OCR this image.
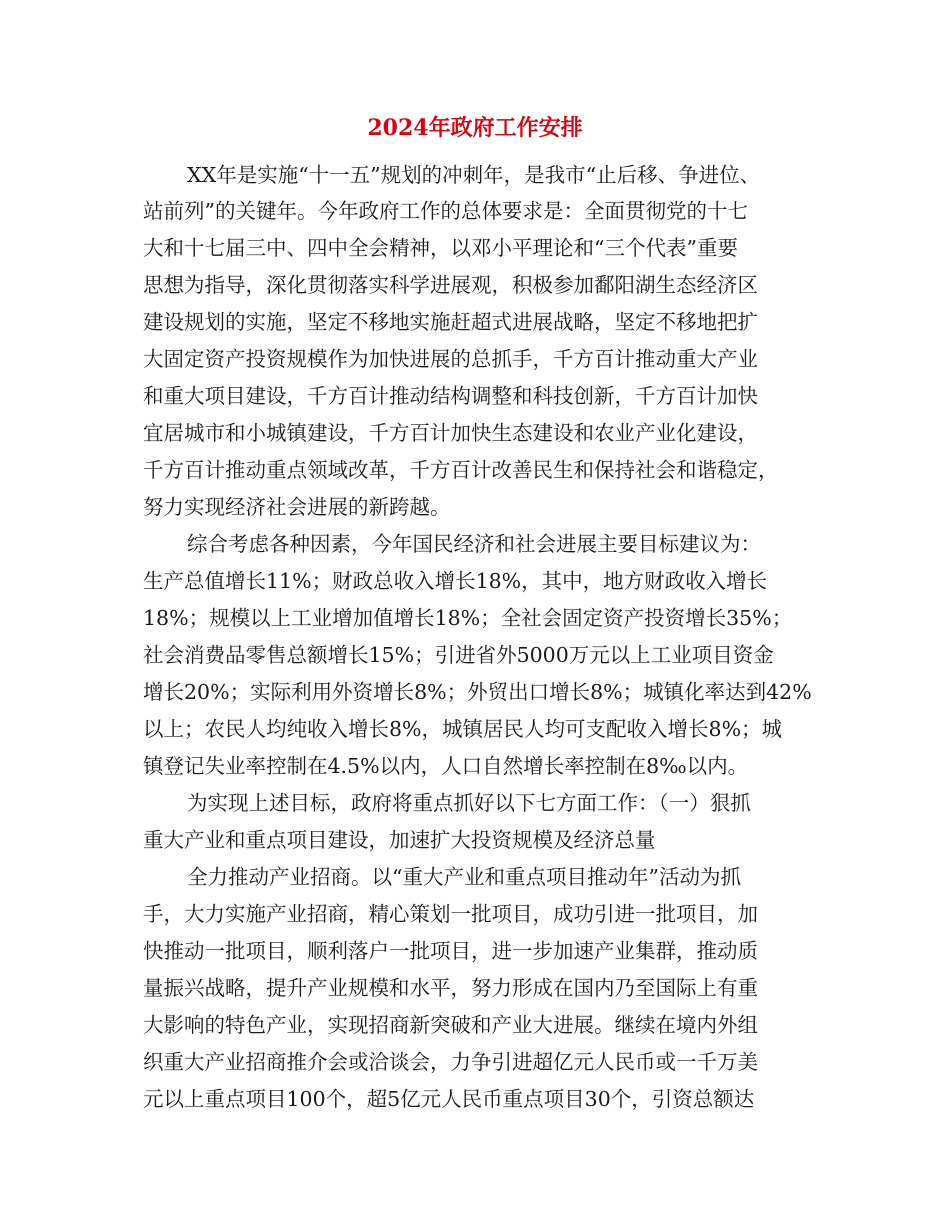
2024年政府工作安排
XX年是实施“十一五”规划的冲刺年，是我市“止后移、争进位、
站前列”的关键年。今年政府工作的总体要求是：全面贯彻党的十七
大和十七届三中、四中全会精神，以邓小平理论和“三个代表”重要
思想为指导，深化贯彻落实科学进展观，积极参加鄱阳湖生态经济区
建设规划的实施，坚定不移地实施赶超式进展战略，坚定不移地把扩
大固定资产投资规模作为加快进展的总抓手，千方百计推动重大产业
和重大项目建设，千方百计推动结构调整和科技创新，千方百计加快
宜居城市和小城镇建设，千方百计加快生态建设和农业产业化建设，
千方百计推动重点领域改革，千方百计改善民生和保持社会和谐稳定，
努力实现经济社会进展的新跨越。
综合考虑各种因素，今年国民经济和社会进展主要目标建议为：
生产总值增长11%；财政总收入增长18%，其中，地方财政收入增长
18%；规模以上工业增加值增长18%；全社会固定资产投资增长35%；
社会消费品零售总额增长15%；引进省外5000万元以上工业项目资金
增长20%；实际利用外资增长8%；外贸出口增长8%；城镇化率达到42%
以上；农民人均纯收入增长8%，城镇居民人均可支配收入增长8%；城
镇登记失业率控制在4.5%以内，人口自然增长率控制在8‰以内。
为实现上述目标，政府将重点抓好以下七方面工作：（一）狠抓
重大产业和重点项目建设，加速扩大投资规模及经济总量
全力推动产业招商。以“重大产业和重点项目推动年”活动为抓
手，大力实施产业招商，精心策划一批项目，成功引进一批项目，加
快推动一批项目，顺利落户一批项目，进一步加速产业集群，推动质
量振兴战略，提升产业规模和水平，努力形成在国内乃至国际上有重
大影响的特色产业，实现招商新突破和产业大进展。继续在境内外组
织重大产业招商推介会或洽谈会，力争引进超亿元人民币或一千万美
元以上重点项目100个，超5亿元人民币重点项目30个，引资总额达
